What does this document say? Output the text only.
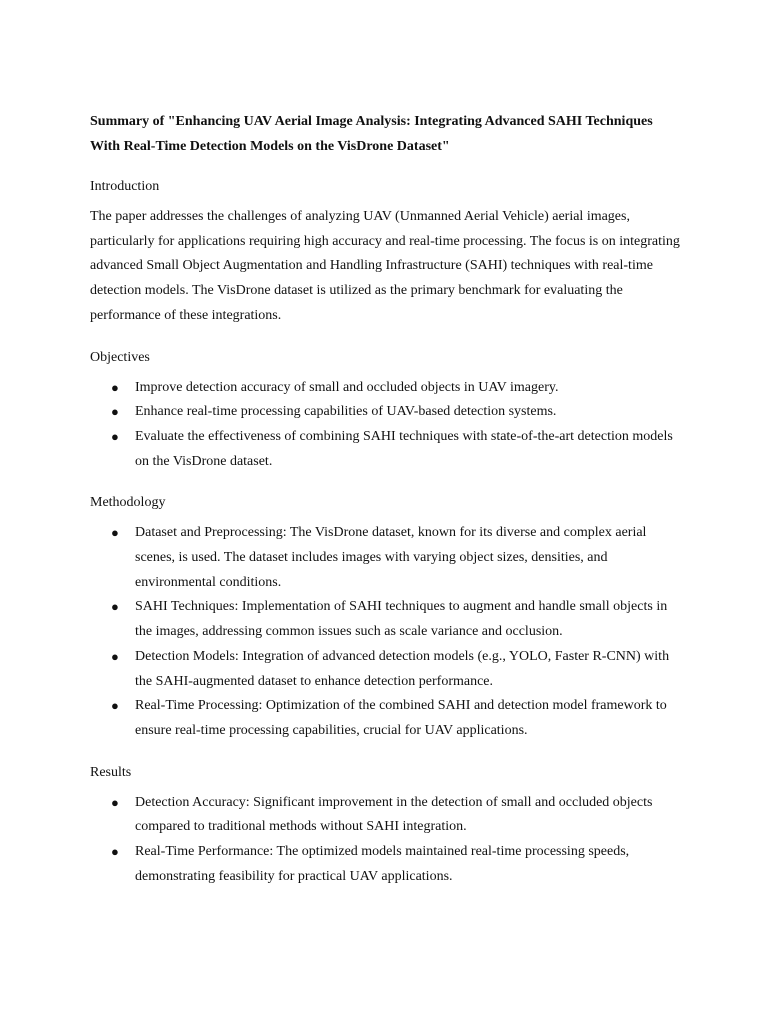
Summary of "Enhancing UAV Aerial Image Analysis: Integrating Advanced SAHI Techniques With Real-Time Detection Models on the VisDrone Dataset"
Introduction
The paper addresses the challenges of analyzing UAV (Unmanned Aerial Vehicle) aerial images, particularly for applications requiring high accuracy and real-time processing. The focus is on integrating advanced Small Object Augmentation and Handling Infrastructure (SAHI) techniques with real-time detection models. The VisDrone dataset is utilized as the primary benchmark for evaluating the performance of these integrations.
Objectives
● Improve detection accuracy of small and occluded objects in UAV imagery.
● Enhance real-time processing capabilities of UAV-based detection systems.
● Evaluate the effectiveness of combining SAHI techniques with state-of-the-art detection models on the VisDrone dataset.
Methodology
● Dataset and Preprocessing: The VisDrone dataset, known for its diverse and complex aerial scenes, is used. The dataset includes images with varying object sizes, densities, and environmental conditions.
● SAHI Techniques: Implementation of SAHI techniques to augment and handle small objects in the images, addressing common issues such as scale variance and occlusion.
● Detection Models: Integration of advanced detection models (e.g., YOLO, Faster R-CNN) with the SAHI-augmented dataset to enhance detection performance.
● Real-Time Processing: Optimization of the combined SAHI and detection model framework to ensure real-time processing capabilities, crucial for UAV applications.
Results
● Detection Accuracy: Significant improvement in the detection of small and occluded objects compared to traditional methods without SAHI integration.
● Real-Time Performance: The optimized models maintained real-time processing speeds, demonstrating feasibility for practical UAV applications.
